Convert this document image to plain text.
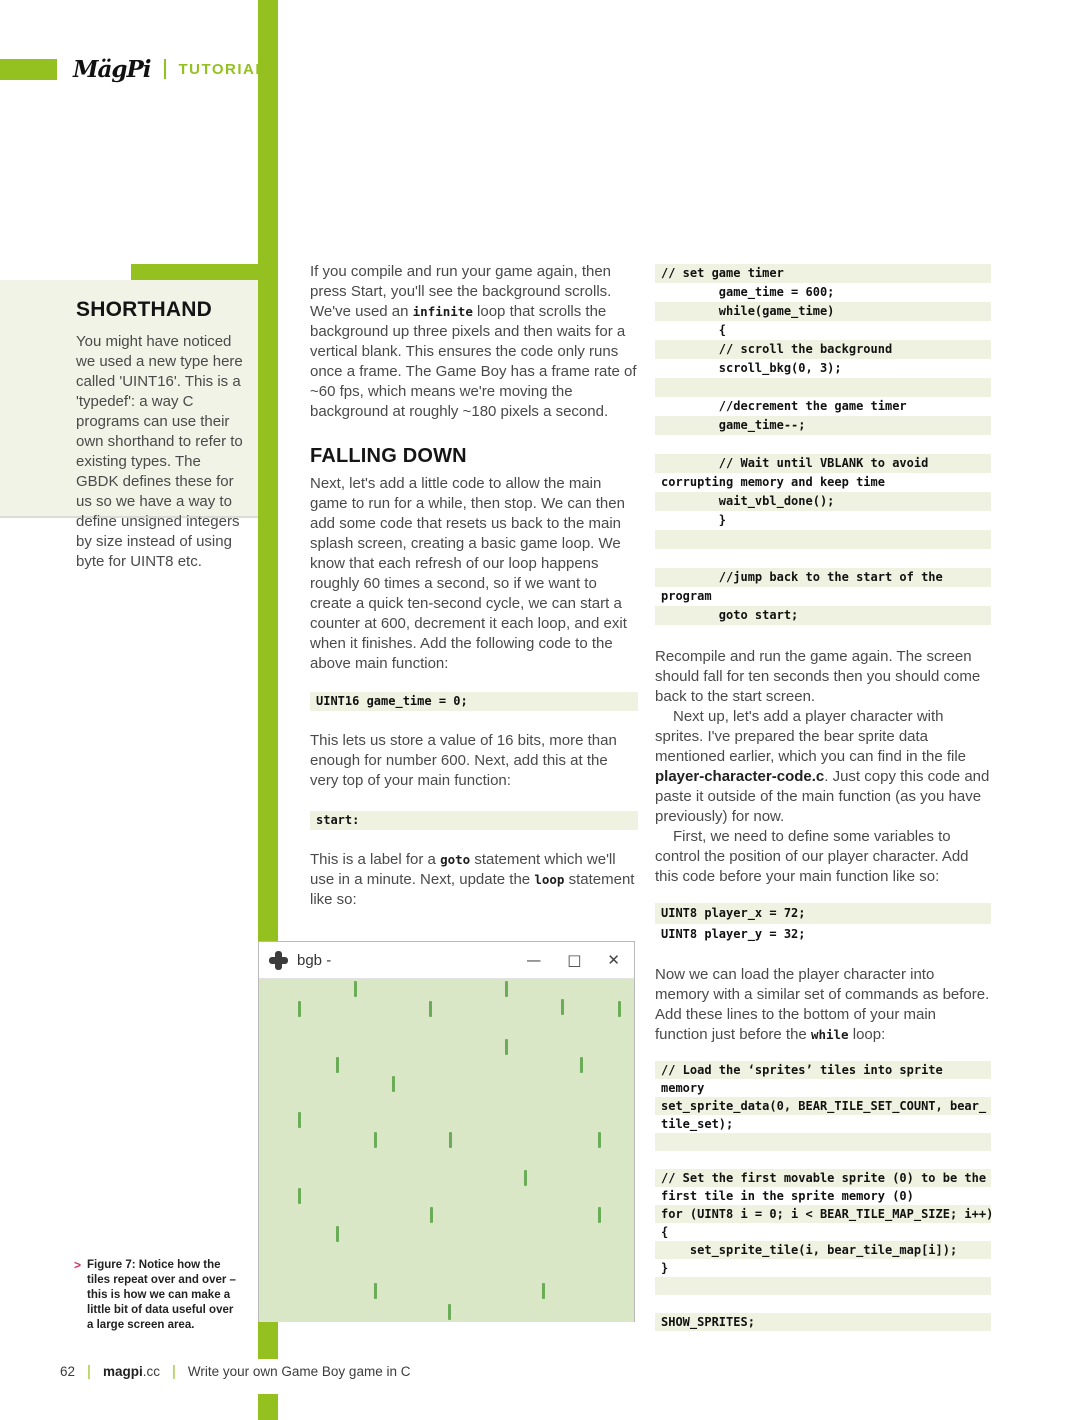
MägPi TUTORIAL
SHORTHAND

You might have noticed we used a new type here called 'UINT16'. This is a 'typedef': a way C programs can use their own shorthand to refer to existing types. The GBDK defines these for us so we have a way to define unsigned integers by size instead of using byte for UINT8 etc.

If you compile and run your game again, then press Start, you'll see the background scrolls. We've used an infinite loop that scrolls the background up three pixels and then waits for a vertical blank. This ensures the code only runs once a frame. The Game Boy has a frame rate of ~60 fps, which means we're moving the background at roughly ~180 pixels a second.

FALLING DOWN

Next, let's add a little code to allow the main game to run for a while, then stop. We can then add some code that resets us back to the main splash screen, creating a basic game loop. We know that each refresh of our loop happens roughly 60 times a second, so if we want to create a quick ten-second cycle, we can start a counter at 600, decrement it each loop, and exit when it finishes. Add the following code to the above main function:

UINT16 game_time = 0;

This lets us store a value of 16 bits, more than enough for number 600. Next, add this at the very top of your main function:

start:

This is a label for a goto statement which we'll use in a minute. Next, update the loop statement like so:

// set game timer
game_time = 600;
while(game_time)
{
// scroll the background
scroll_bkg(0, 3);

//decrement the game timer
game_time--;

// Wait until VBLANK to avoid
corrupting memory and keep time
wait_vbl_done();
}

//jump back to the start of the
program
goto start;

Recompile and run the game again. The screen should fall for ten seconds then you should come back to the start screen.

Next up, let's add a player character with sprites. I've prepared the bear sprite data mentioned earlier, which you can find in the file player-character-code.c. Just copy this code and paste it outside of the main function (as you have previously) for now.

First, we need to define some variables to control the position of our player character. Add this code before your main function like so:

UINT8 player_x = 72;
UINT8 player_y = 32;

Now we can load the player character into memory with a similar set of commands as before. Add these lines to the bottom of your main function just before the while loop:

// Load the ‘sprites’ tiles into sprite
memory
set_sprite_data(0, BEAR_TILE_SET_COUNT, bear_
tile_set);

// Set the first movable sprite (0) to be the
first tile in the sprite memory (0)
for (UINT8 i = 0; i < BEAR_TILE_MAP_SIZE; i++)
{
set_sprite_tile(i, bear_tile_map[i]);
}

SHOW_SPRITES;
bgb -	— □ ✕
> Figure 7: Notice how the tiles repeat over and over – this is how we can make a little bit of data useful over a large screen area.
62 | magpi.cc | Write your own Game Boy game in C
